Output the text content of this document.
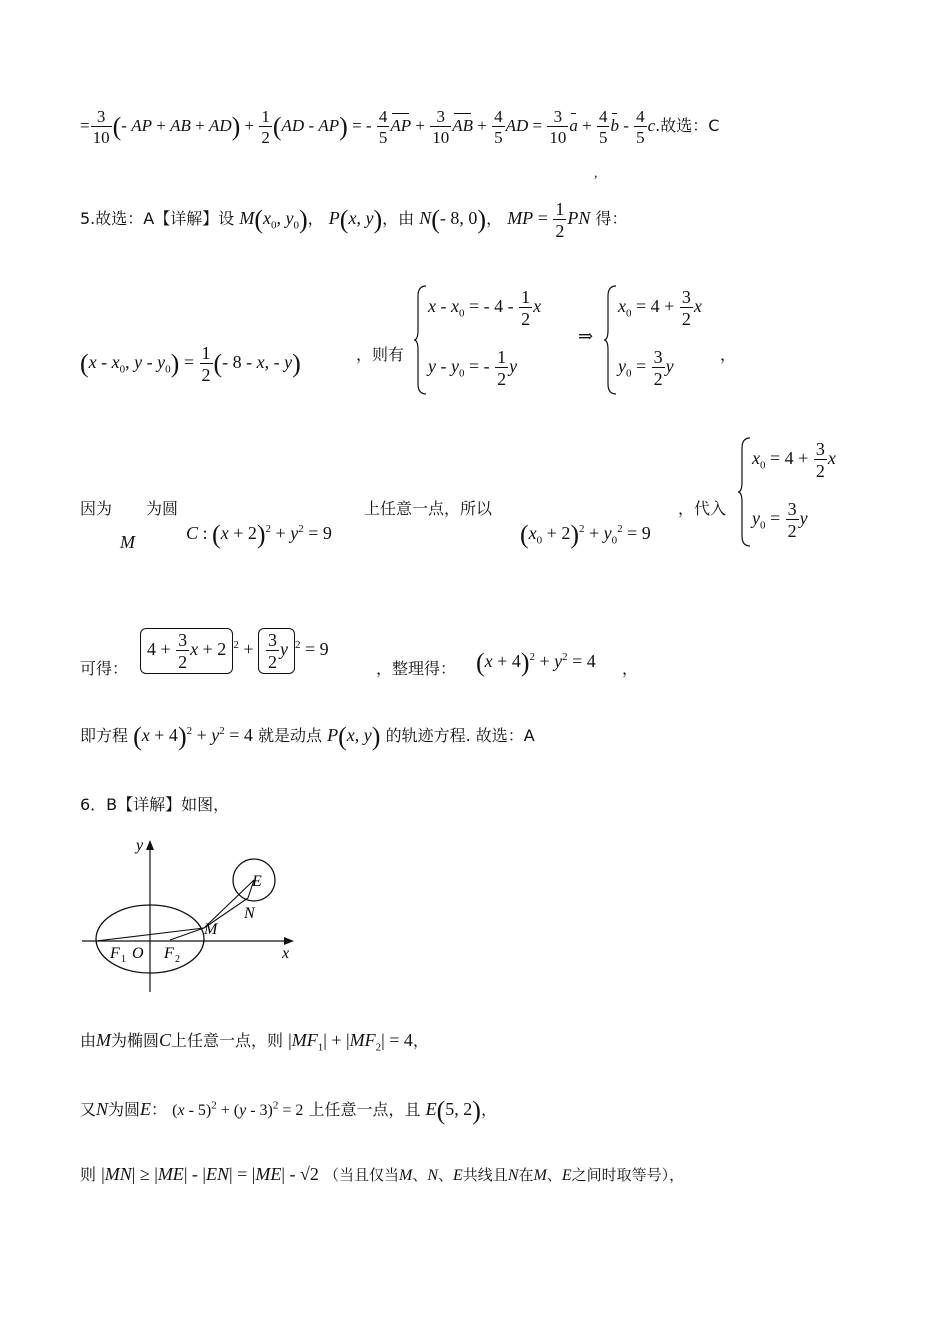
= $\frac{3}{10}$ (- AP + AB + $AD) + \frac{1}{2} (AD - AP)$ = - $\frac{4}{5}$ AP + $\frac{3}{10}$ AB + $\frac{4}{5}$ AD = $\frac{3}{10}$ $a + \frac{4}{5}$ b - $\frac{4}{5} c$.故选：C
,
5.故选：A【详解】设 $M(x_0$, $y_0$)， P(x, y)，由 N(- 8, 0)， MP = $\frac{1}{2}$ PN 得：
($x - x_0$, $y - y_0) = \frac{1}{2}$ (- 8 - x, - y)	，则有
x - $x_0$ = - $4 - \frac{1}{2}$ x
y - $y_0$ = - $\frac{1}{2}$ y
⇒
$x_0 = 4 + \frac{3}{2}$ x
$y_0 = \frac{3}{2}$ y
，
因为
M
为圆
C : $(x + 2)^2 + y^2 = 9$
上任意一点，所以
$(x_0 + 2)^2 + y_0^2 = 9$
，代入
$x_0 = 4 + \frac{3}{2}$ x
$y_0 = \frac{3}{2}$ y
可得：
$4 + \frac{3}{2}$ x + 2 $^2 + \frac{3}{2}$ y $^2$ = 9
，整理得： $(x + 4)^2 + y^2 = 4$ ，
即方程 $(x + 4)^2 + y^2 = 4$ 就是动点 P(x, y) 的轨迹方程. 故选：A
6．B【详解】如图，
y
x
E
N
M
F 1 O F 2
由M为椭圆C上任意一点，则 $|MF_1| + |MF_2| = 4$，
又N为圆E： (x - 5)$^2$ + (y - 3)$^2$ = 2 上任意一点，且 E(5, 2)，
则 |MN| ≥ |ME| - |EN| = |ME| - √2 （当且仅当M、N、E共线且N在M、E之间时取等号），
